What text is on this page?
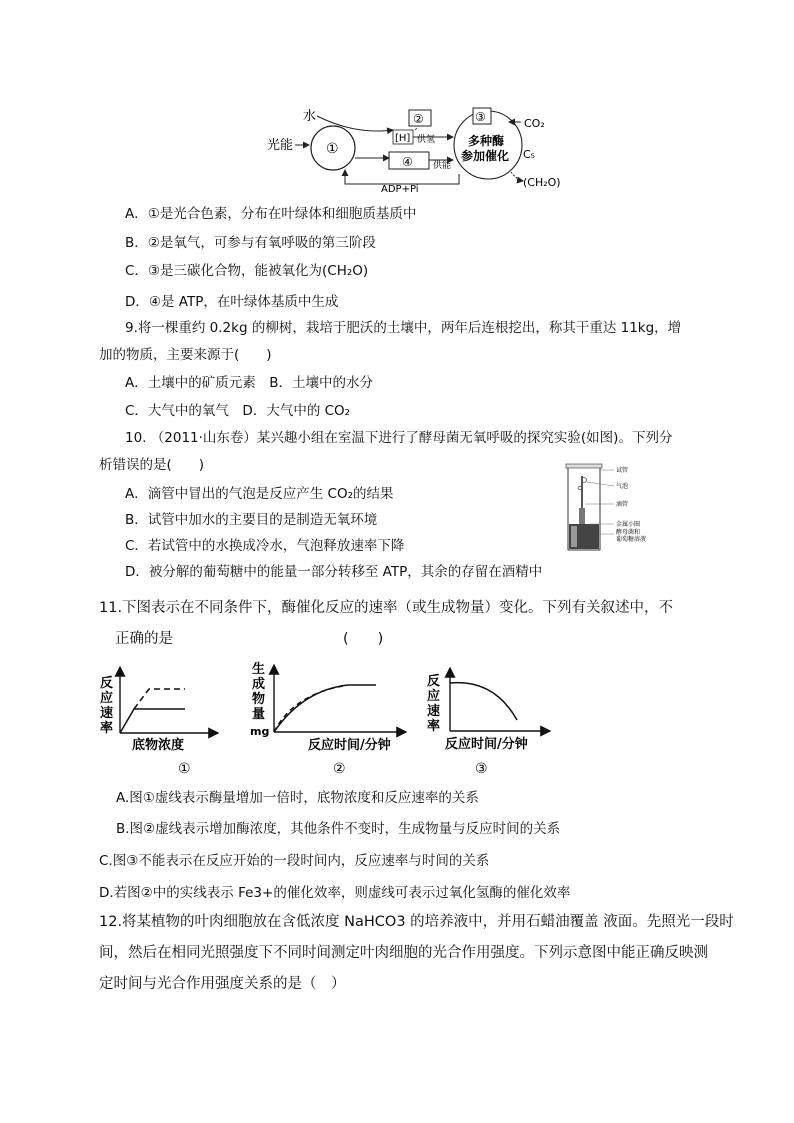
水
光能 ①
②
[H] 供氢
④ 供能
ADP+Pi
③
多种酶
参加催化
CO₂
C₅
(CH₂O)
A．①是光合色素，分布在叶绿体和细胞质基质中
B．②是氧气，可参与有氧呼吸的第三阶段
C．③是三碳化合物，能被氧化为(CH₂O)
D．④是 ATP，在叶绿体基质中生成
9.将一棵重约 0.2kg 的柳树，栽培于肥沃的土壤中，两年后连根挖出，称其干重达 11kg，增
加的物质，主要来源于(　　)
A．土壤中的矿质元素　B．土壤中的水分
C．大气中的氧气　D．大气中的 CO₂
10. （2011·山东卷）某兴趣小组在室温下进行了酵母菌无氧呼吸的探究实验(如图)。下列分
析错误的是(　　)
A．滴管中冒出的气泡是反应产生 CO₂的结果
B．试管中加水的主要目的是制造无氧环境
C．若试管中的水换成冷水，气泡释放速率下降
D．被分解的葡萄糖中的能量一部分转移至 ATP，其余的存留在酒精中
试管
气泡
滴管
金属小圈
酵母菌和
葡萄糖溶液
11.下图表示在不同条件下，酶催化反应的速率（或生成物量）变化。下列有关叙述中，不
正确的是	(　　)
反
应
速
率
底物浓度
①
生
成
物
量
mg
反应时间/分钟
②
反
应
速
率
反应时间/分钟
③
A.图①虚线表示酶量增加一倍时，底物浓度和反应速率的关系
B.图②虚线表示增加酶浓度，其他条件不变时，生成物量与反应时间的关系
C.图③不能表示在反应开始的一段时间内，反应速率与时间的关系
D.若图②中的实线表示 Fe3+的催化效率，则虚线可表示过氧化氢酶的催化效率
12.将某植物的叶肉细胞放在含低浓度 NaHCO3 的培养液中，并用石蜡油覆盖 液面。先照光一段时
间，然后在相同光照强度下不同时间测定叶肉细胞的光合作用强度。下列示意图中能正确反映测
定时间与光合作用强度关系的是（　）
